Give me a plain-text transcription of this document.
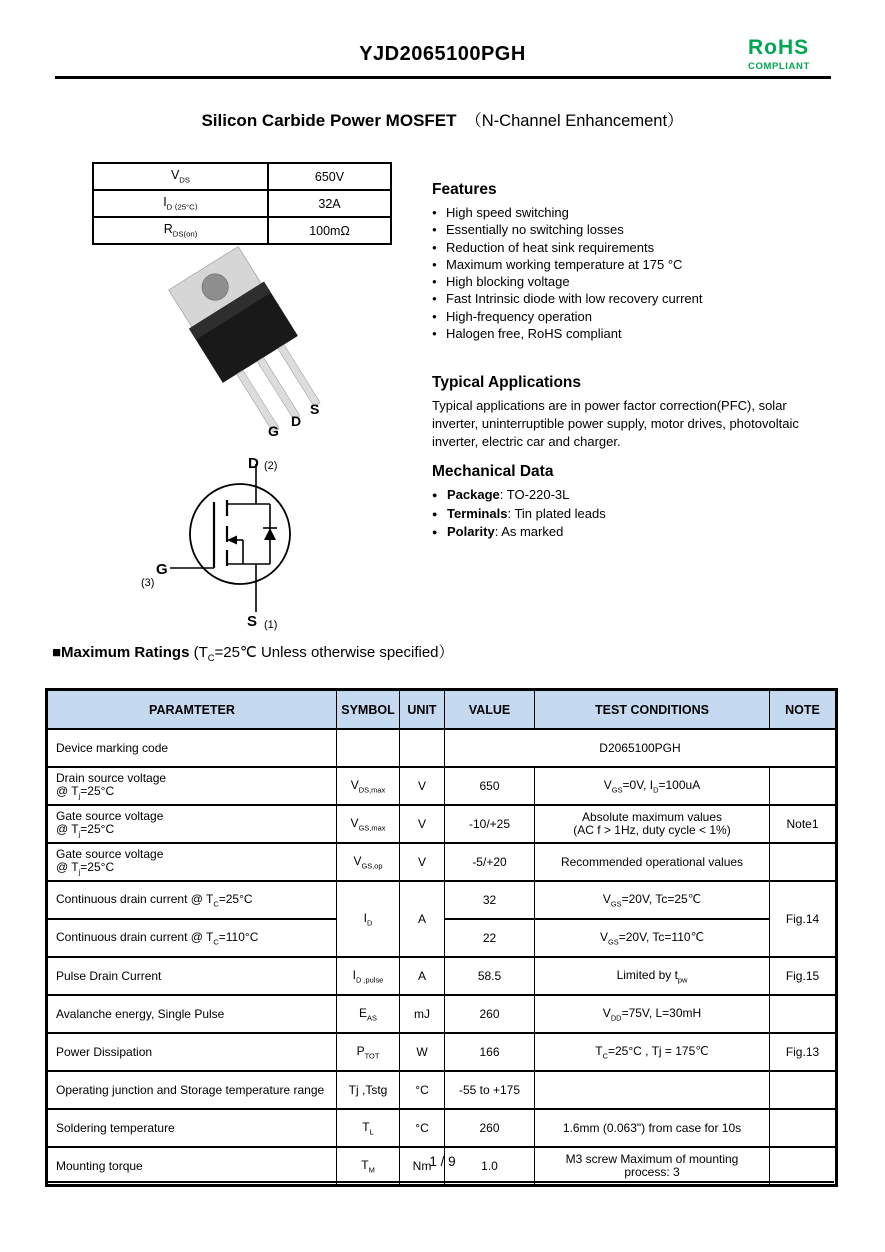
YJD2065100PGH	RoHS
COMPLIANT
Silicon Carbide Power MOSFET （N-Channel Enhancement）
$V_{DS}$	650V
$I_{D ⟨25^\circ C⟩}$	32A
$R_{DS(on)}$	100mΩ
G
D
S
D (2)
G
(3)
S (1)
Features
● High speed switching
● Essentially no switching losses
● Reduction of heat sink requirements
● Maximum working temperature at 175 °C
● High blocking voltage
● Fast Intrinsic diode with low recovery current
● High-frequency operation
● Halogen free, RoHS compliant
Typical Applications
Typical applications are in power factor correction(PFC), solar
inverter, uninterruptible power supply, motor drives, photovoltaic
inverter, electric car and charger.
Mechanical Data
● Package: TO-220-3L
● Terminals: Tin plated leads
● Polarity: As marked
■Maximum Ratings ($T_C=25℃$ Unless otherwise specified）
PARAMTETER	SYMBOL	UNIT	VALUE	TEST CONDITIONS	NOTE
Device marking code			D2065100PGH		

Drain source voltage
@ $T_j=25^\circ C$	$V_{DS,max}$	V	650	$V_{GS}=0V$, $I_D=100uA$	

Gate source voltage
@ $T_j=25^\circ C$	$V_{GS,max}$	V	-10/+25	
Absolute maximum values
(AC f > 1Hz, duty cycle < 1%)	Note1

Gate source voltage
@ $T_j=25^\circ C$	$V_{GS,op}$	V	-5/+20	Recommended operational values	
Continuous drain current @ $T_C=25^\circ C$	$I_D$	A	32	$V_{GS}=20V$, Tc=25℃	Fig.14
Continuous drain current @ $T_C=110^\circ C$			22	$V_{GS}=20V$, Tc=110℃	
Pulse Drain Current	$I_{D ,pulse}$	A	58.5	Limited by $t_{pw}$	Fig.15
Avalanche energy, Single Pulse	$E_{AS}$	mJ	260	$V_{DD}=75V$, L=30mH	
Power Dissipation	$P_{TOT}$	W	166	$T_C=25^\circ C$ , Tj = 175℃	Fig.13
Operating junction and Storage temperature range	Tj ,Tstg	°C	-55 to +175		
Soldering temperature	$T_L$	°C	260	1.6mm (0.063") from case for 10s	
Mounting torque	$T_M$	Nm	1.0	M3 screw Maximum of mounting
process: 3	

1 / 9
